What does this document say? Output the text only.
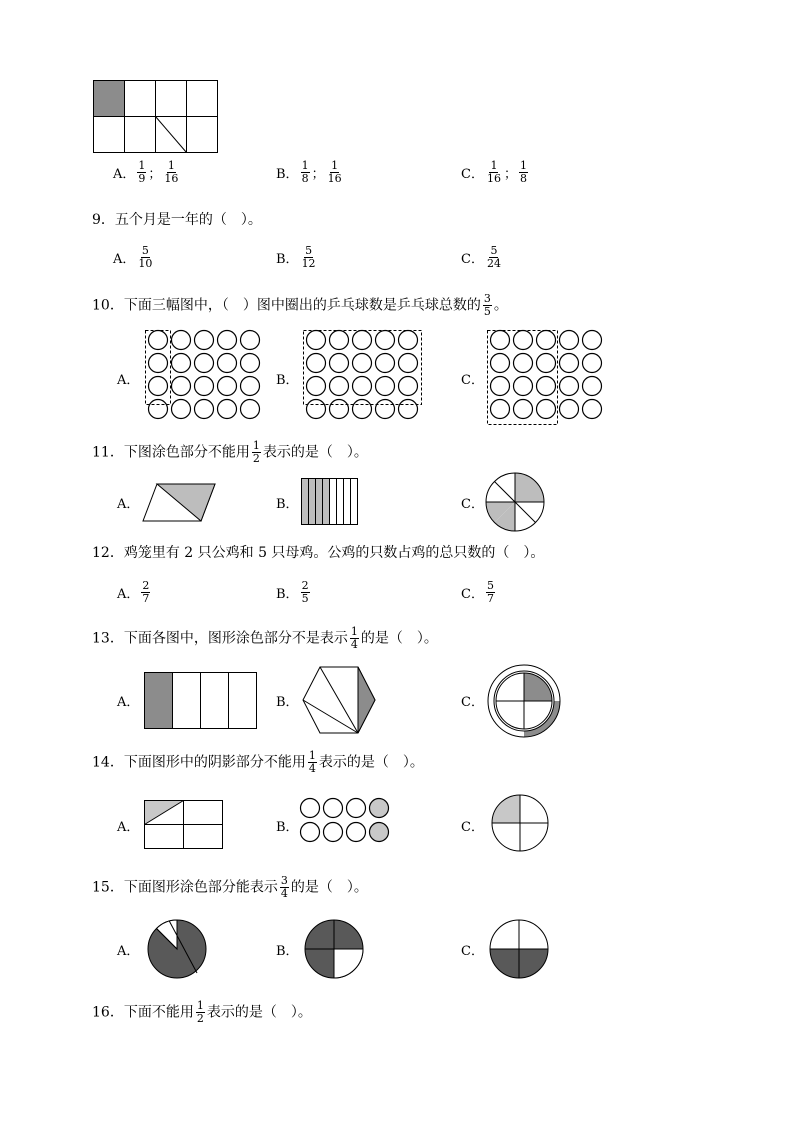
A． $\frac{1}{9}$ ； $\frac{1}{16}$	B． $\frac{1}{8}$ ； $\frac{1}{16}$	C． $\frac{1}{16}$ ； $\frac{1}{8}$
9．五个月是一年的（　）。
A． $\frac{5}{10}$	B． $\frac{5}{12}$	C． $\frac{5}{24}$
10．下面三幅图中，（　）图中圈出的乒乓球数是乒乓球总数的 $\frac{3}{5}$ 。
A．	B．	C．
11．下图涂色部分不能用 $\frac{1}{2}$ 表示的是（　）。
A．	B．	C．
12．鸡笼里有 2 只公鸡和 5 只母鸡。公鸡的只数占鸡的总只数的（　）。
A． $\frac{2}{7}$	B． $\frac{2}{5}$	C． $\frac{5}{7}$
13．下面各图中，图形涂色部分不是表示 $\frac{1}{4}$ 的是（　）。
A．	B．	C．
14．下面图形中的阴影部分不能用 $\frac{1}{4}$ 表示的是（　）。
A．	B．	C．
15．下面图形涂色部分能表示 $\frac{3}{4}$ 的是（　）。
A．	B．	C．
16．下面不能用 $\frac{1}{2}$ 表示的是（　）。
